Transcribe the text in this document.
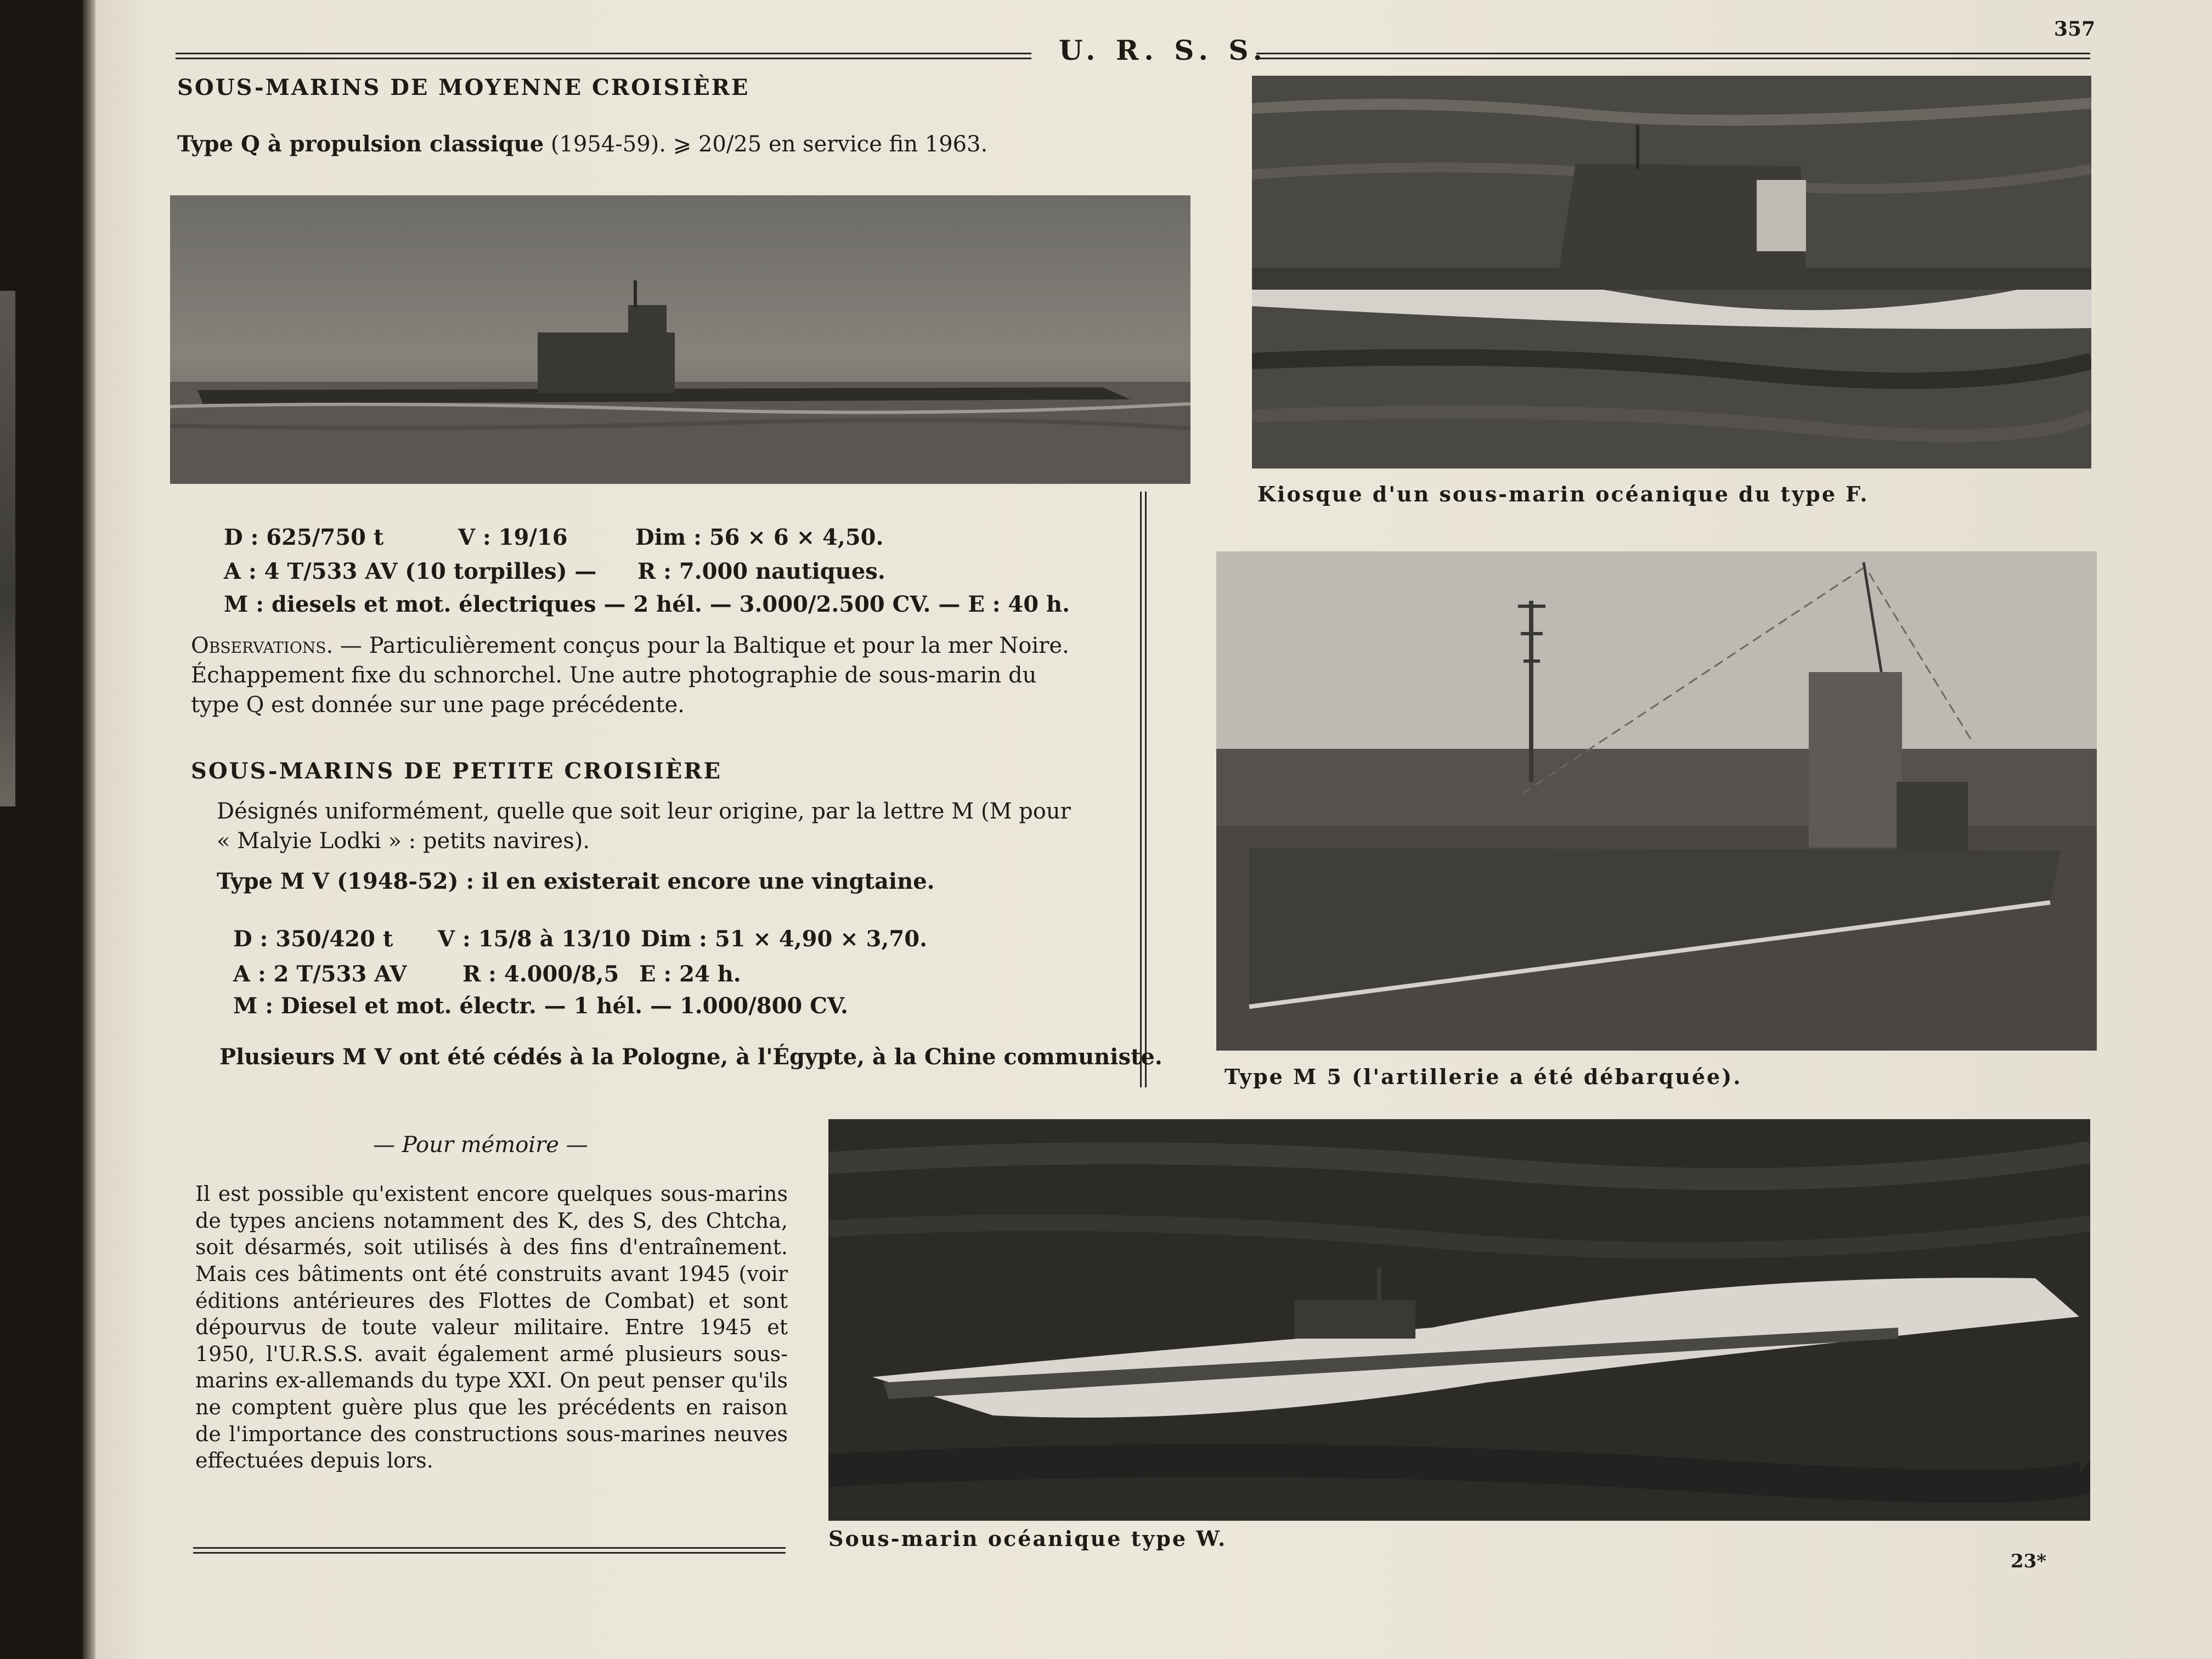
U. R. S. S.
357
SOUS-MARINS DE MOYENNE CROISIÈRE
Type Q à propulsion classique (1954-59). ⩾ 20/25 en service fin 1963.
D : 625/750 t	V : 19/16	Dim : 56 × 6 × 4,50.
A : 4 T/533 AV (10 torpilles) — R : 7.000 nautiques.
M : diesels et mot. électriques — 2 hél. — 3.000/2.500 CV. — E : 40 h.
Observations. — Particulièrement conçus pour la Baltique et pour la mer Noire. Échappement fixe du schnorchel. Une autre photographie de sous-marin du type Q est donnée sur une page précédente.
SOUS-MARINS DE PETITE CROISIÈRE
Désignés uniformément, quelle que soit leur origine, par la lettre M (M pour « Malyie Lodki » : petits navires).
Type M V (1948-52) : il en existerait encore une vingtaine.
D : 350/420 t V : 15/8 à 13/10 Dim : 51 × 4,90 × 3,70.
A : 2 T/533 AV	R : 4.000/8,5 E : 24 h.
M : Diesel et mot. électr. — 1 hél. — 1.000/800 CV.
Plusieurs M V ont été cédés à la Pologne, à l'Égypte, à la Chine communiste.
Kiosque d'un sous-marin océanique du type F.
Type M 5 (l'artillerie a été débarquée).
— Pour mémoire —
Il est possible qu'existent encore quelques sous-marins de types anciens notamment des K, des S, des Chtcha, soit désarmés, soit utilisés à des fins d'entraînement. Mais ces bâtiments ont été construits avant 1945 (voir éditions antérieures des Flottes de Combat) et sont dépourvus de toute valeur militaire. Entre 1945 et 1950, l'U.R.S.S. avait également armé plusieurs sous-marins ex-allemands du type XXI. On peut penser qu'ils ne comptent guère plus que les précédents en raison de l'importance des constructions sous-marines neuves effectuées depuis lors.
Sous-marin océanique type W.
23*
